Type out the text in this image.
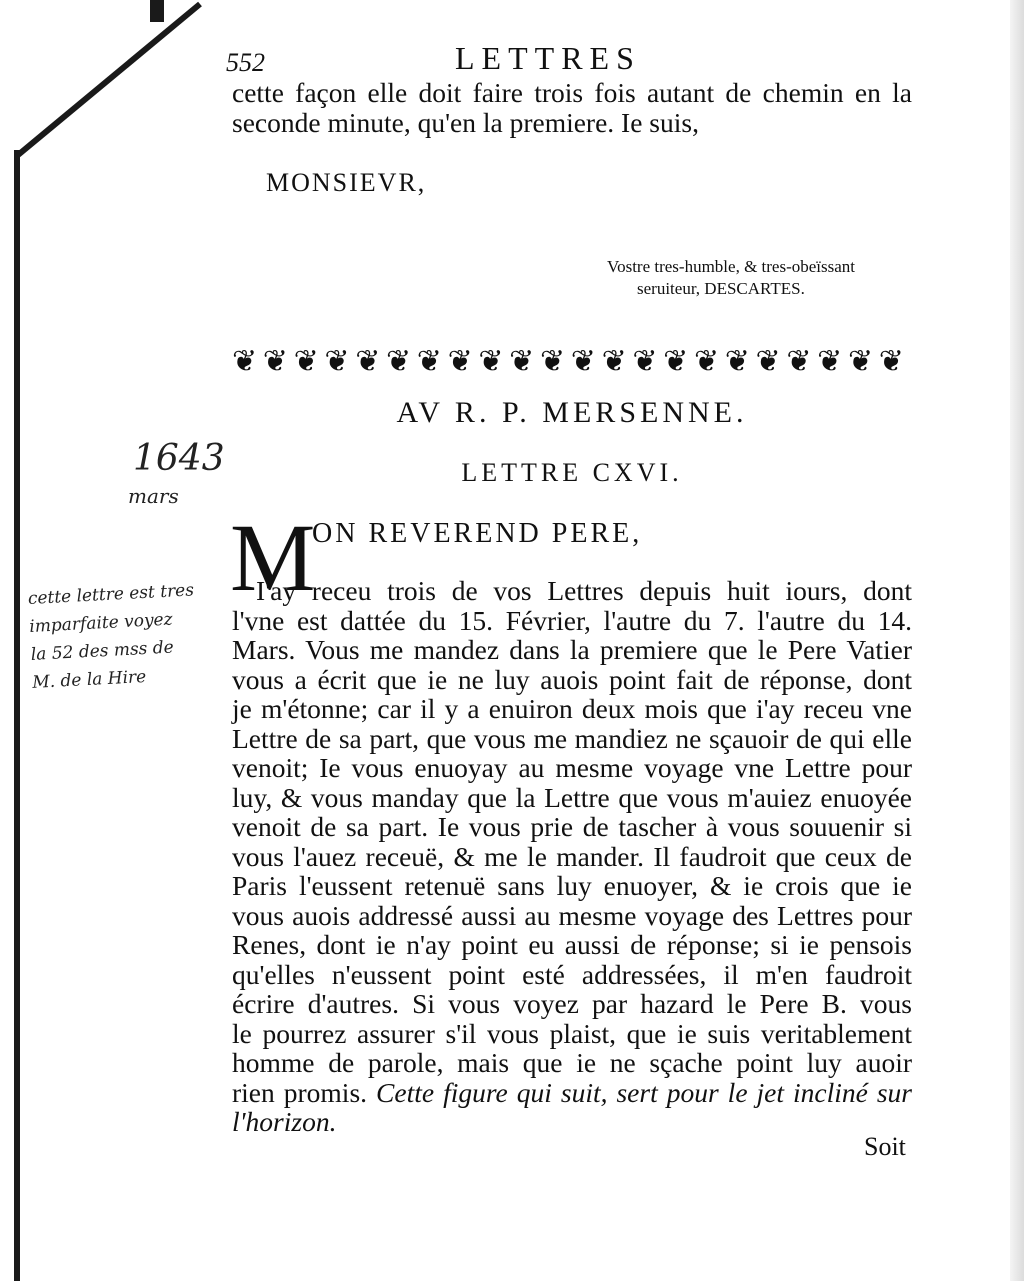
552	LETTRES
cette façon elle doit faire trois fois autant de chemin en la
seconde minute, qu'en la premiere. Ie suis,
MONSIEVR,
Vostre tres-humble, & tres-obeïssant
seruiteur, DESCARTES.
❦ ❦ ❦ ❦ ❦ ❦ ❦ ❦ ❦ ❦ ❦ ❦ ❦ ❦ ❦ ❦ ❦ ❦ ❦ ❦ ❦ ❦
AV R. P. MERSENNE.
LETTRE CXVI.
1643
mars
cette lettre est tres
imparfaite voyez
la 52 des mss de
M. de la Hire
M
ON REVEREND PERE,
I'ay receu trois de vos Lettres depuis huit iours, dont
l'vne est dattée du 15. Février, l'autre du 7. l'autre du 14.
Mars. Vous me mandez dans la premiere que le Pere Vatier
vous a écrit que ie ne luy auois point fait de réponse, dont
je m'étonne; car il y a enuiron deux mois que i'ay receu vne
Lettre de sa part, que vous me mandiez ne sçauoir de qui elle
venoit; Ie vous enuoyay au mesme voyage vne Lettre pour
luy, & vous manday que la Lettre que vous m'auiez enuoyée
venoit de sa part. Ie vous prie de tascher à vous souuenir si
vous l'auez receuë, & me le mander. Il faudroit que ceux de
Paris l'eussent retenuë sans luy enuoyer, & ie crois que ie
vous auois addressé aussi au mesme voyage des Lettres pour
Renes, dont ie n'ay point eu aussi de réponse; si ie pensois
qu'elles n'eussent point esté addressées, il m'en faudroit
écrire d'autres. Si vous voyez par hazard le Pere B. vous
le pourrez assurer s'il vous plaist, que ie suis veritablement
homme de parole, mais que ie ne sçache point luy auoir
rien promis. Cette figure qui suit, sert pour le jet incliné sur
l'horizon.
Soit
